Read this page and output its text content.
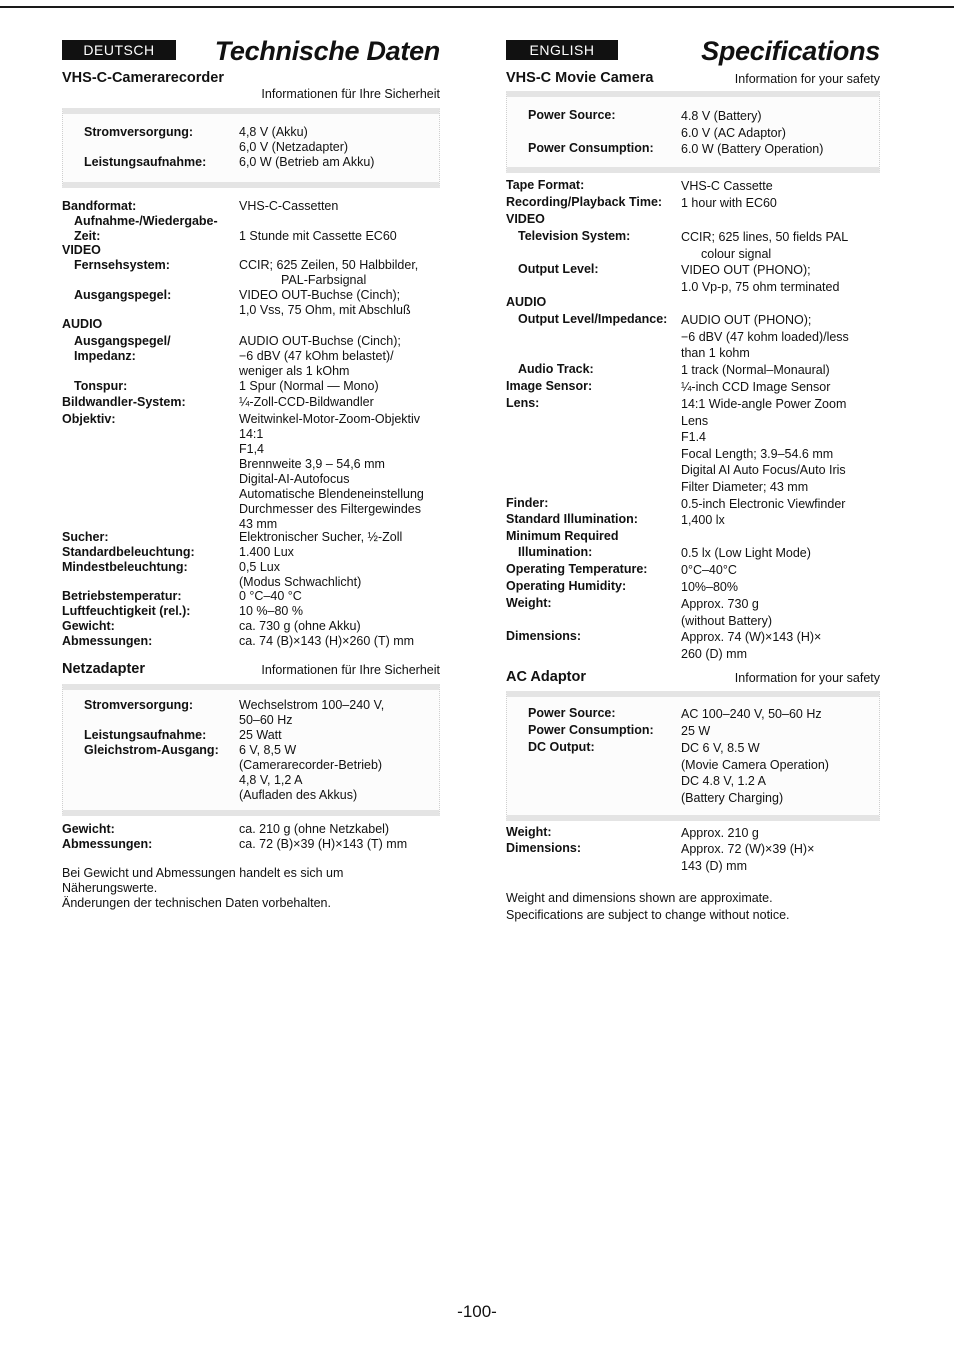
DEUTSCH	Technische Daten
VHS-C-Camerarecorder
Informationen für Ihre Sicherheit
Stromversorgung:	4,8 V (Akku)
6,0 V (Netzadapter)
Leistungsaufnahme:	6,0 W (Betrieb am Akku)
Bandformat:	VHS-C-Cassetten
Aufnahme-/Wiedergabe-
Zeit:	1 Stunde mit Cassette EC60
VIDEO
Fernsehsystem:	CCIR; 625 Zeilen, 50 Halbbilder,
PAL-Farbsignal
Ausgangspegel:	VIDEO OUT-Buchse (Cinch);
1,0 Vss, 75 Ohm, mit Abschluß
AUDIO
Ausgangspegel/	AUDIO OUT-Buchse (Cinch);
Impedanz:	−6 dBV (47 kOhm belastet)/
weniger als 1 kOhm
Tonspur:	1 Spur (Normal — Mono)
Bildwandler-System:	¼-Zoll-CCD-Bildwandler
Objektiv:	Weitwinkel-Motor-Zoom-Objektiv
14:1
F1,4
Brennweite 3,9 – 54,6 mm
Digital-AI-Autofocus
Automatische Blendeneinstellung
Durchmesser des Filtergewindes
43 mm
Sucher:	Elektronischer Sucher, ½-Zoll
Standardbeleuchtung:	1.400 Lux
Mindestbeleuchtung:	0,5 Lux
(Modus Schwachlicht)
Betriebstemperatur:	0 °C–40 °C
Luftfeuchtigkeit (rel.):	10 %–80 %
Gewicht:	ca. 730 g (ohne Akku)
Abmessungen:	ca. 74 (B)×143 (H)×260 (T) mm
Netzadapter	Informationen für Ihre Sicherheit
Stromversorgung:	Wechselstrom 100–240 V,
50–60 Hz
Leistungsaufnahme:	25 Watt
Gleichstrom-Ausgang: 6 V, 8,5 W
(Camerarecorder-Betrieb)
4,8 V, 1,2 A
(Aufladen des Akkus)
Gewicht:	ca. 210 g (ohne Netzkabel)
Abmessungen:	ca. 72 (B)×39 (H)×143 (T) mm
Bei Gewicht und Abmessungen handelt es sich um
Näherungswerte.
Änderungen der technischen Daten vorbehalten.
ENGLISH	Specifications
VHS-C Movie Camera	Information for your safety
Power Source:	4.8 V (Battery)
6.0 V (AC Adaptor)
Power Consumption: 6.0 W (Battery Operation)
Tape Format:	VHS-C Cassette
Recording/Playback Time: 1 hour with EC60
VIDEO
Television System:	CCIR; 625 lines, 50 fields PAL
colour signal
Output Level:	VIDEO OUT (PHONO);
1.0 Vp-p, 75 ohm terminated
AUDIO
Output Level/Impedance: AUDIO OUT (PHONO);
−6 dBV (47 kohm loaded)/less
than 1 kohm
Audio Track:	1 track (Normal–Monaural)
Image Sensor:	¼-inch CCD Image Sensor
Lens:	14:1 Wide-angle Power Zoom
Lens
F1.4
Focal Length; 3.9–54.6 mm
Digital AI Auto Focus/Auto Iris
Filter Diameter; 43 mm
Finder:	0.5-inch Electronic Viewfinder
Standard Illumination:	1,400 lx
Minimum Required
Illumination:	0.5 lx (Low Light Mode)
Operating Temperature:	0°C–40°C
Operating Humidity:	10%–80%
Weight:	Approx. 730 g
(without Battery)
Dimensions:	Approx. 74 (W)×143 (H)×
260 (D) mm
AC Adaptor	Information for your safety
Power Source:	AC 100–240 V, 50–60 Hz
Power Consumption: 25 W
DC Output:	DC 6 V, 8.5 W
(Movie Camera Operation)
DC 4.8 V, 1.2 A
(Battery Charging)
Weight:	Approx. 210 g
Dimensions:	Approx. 72 (W)×39 (H)×
143 (D) mm
Weight and dimensions shown are approximate.
Specifications are subject to change without notice.
-100-
